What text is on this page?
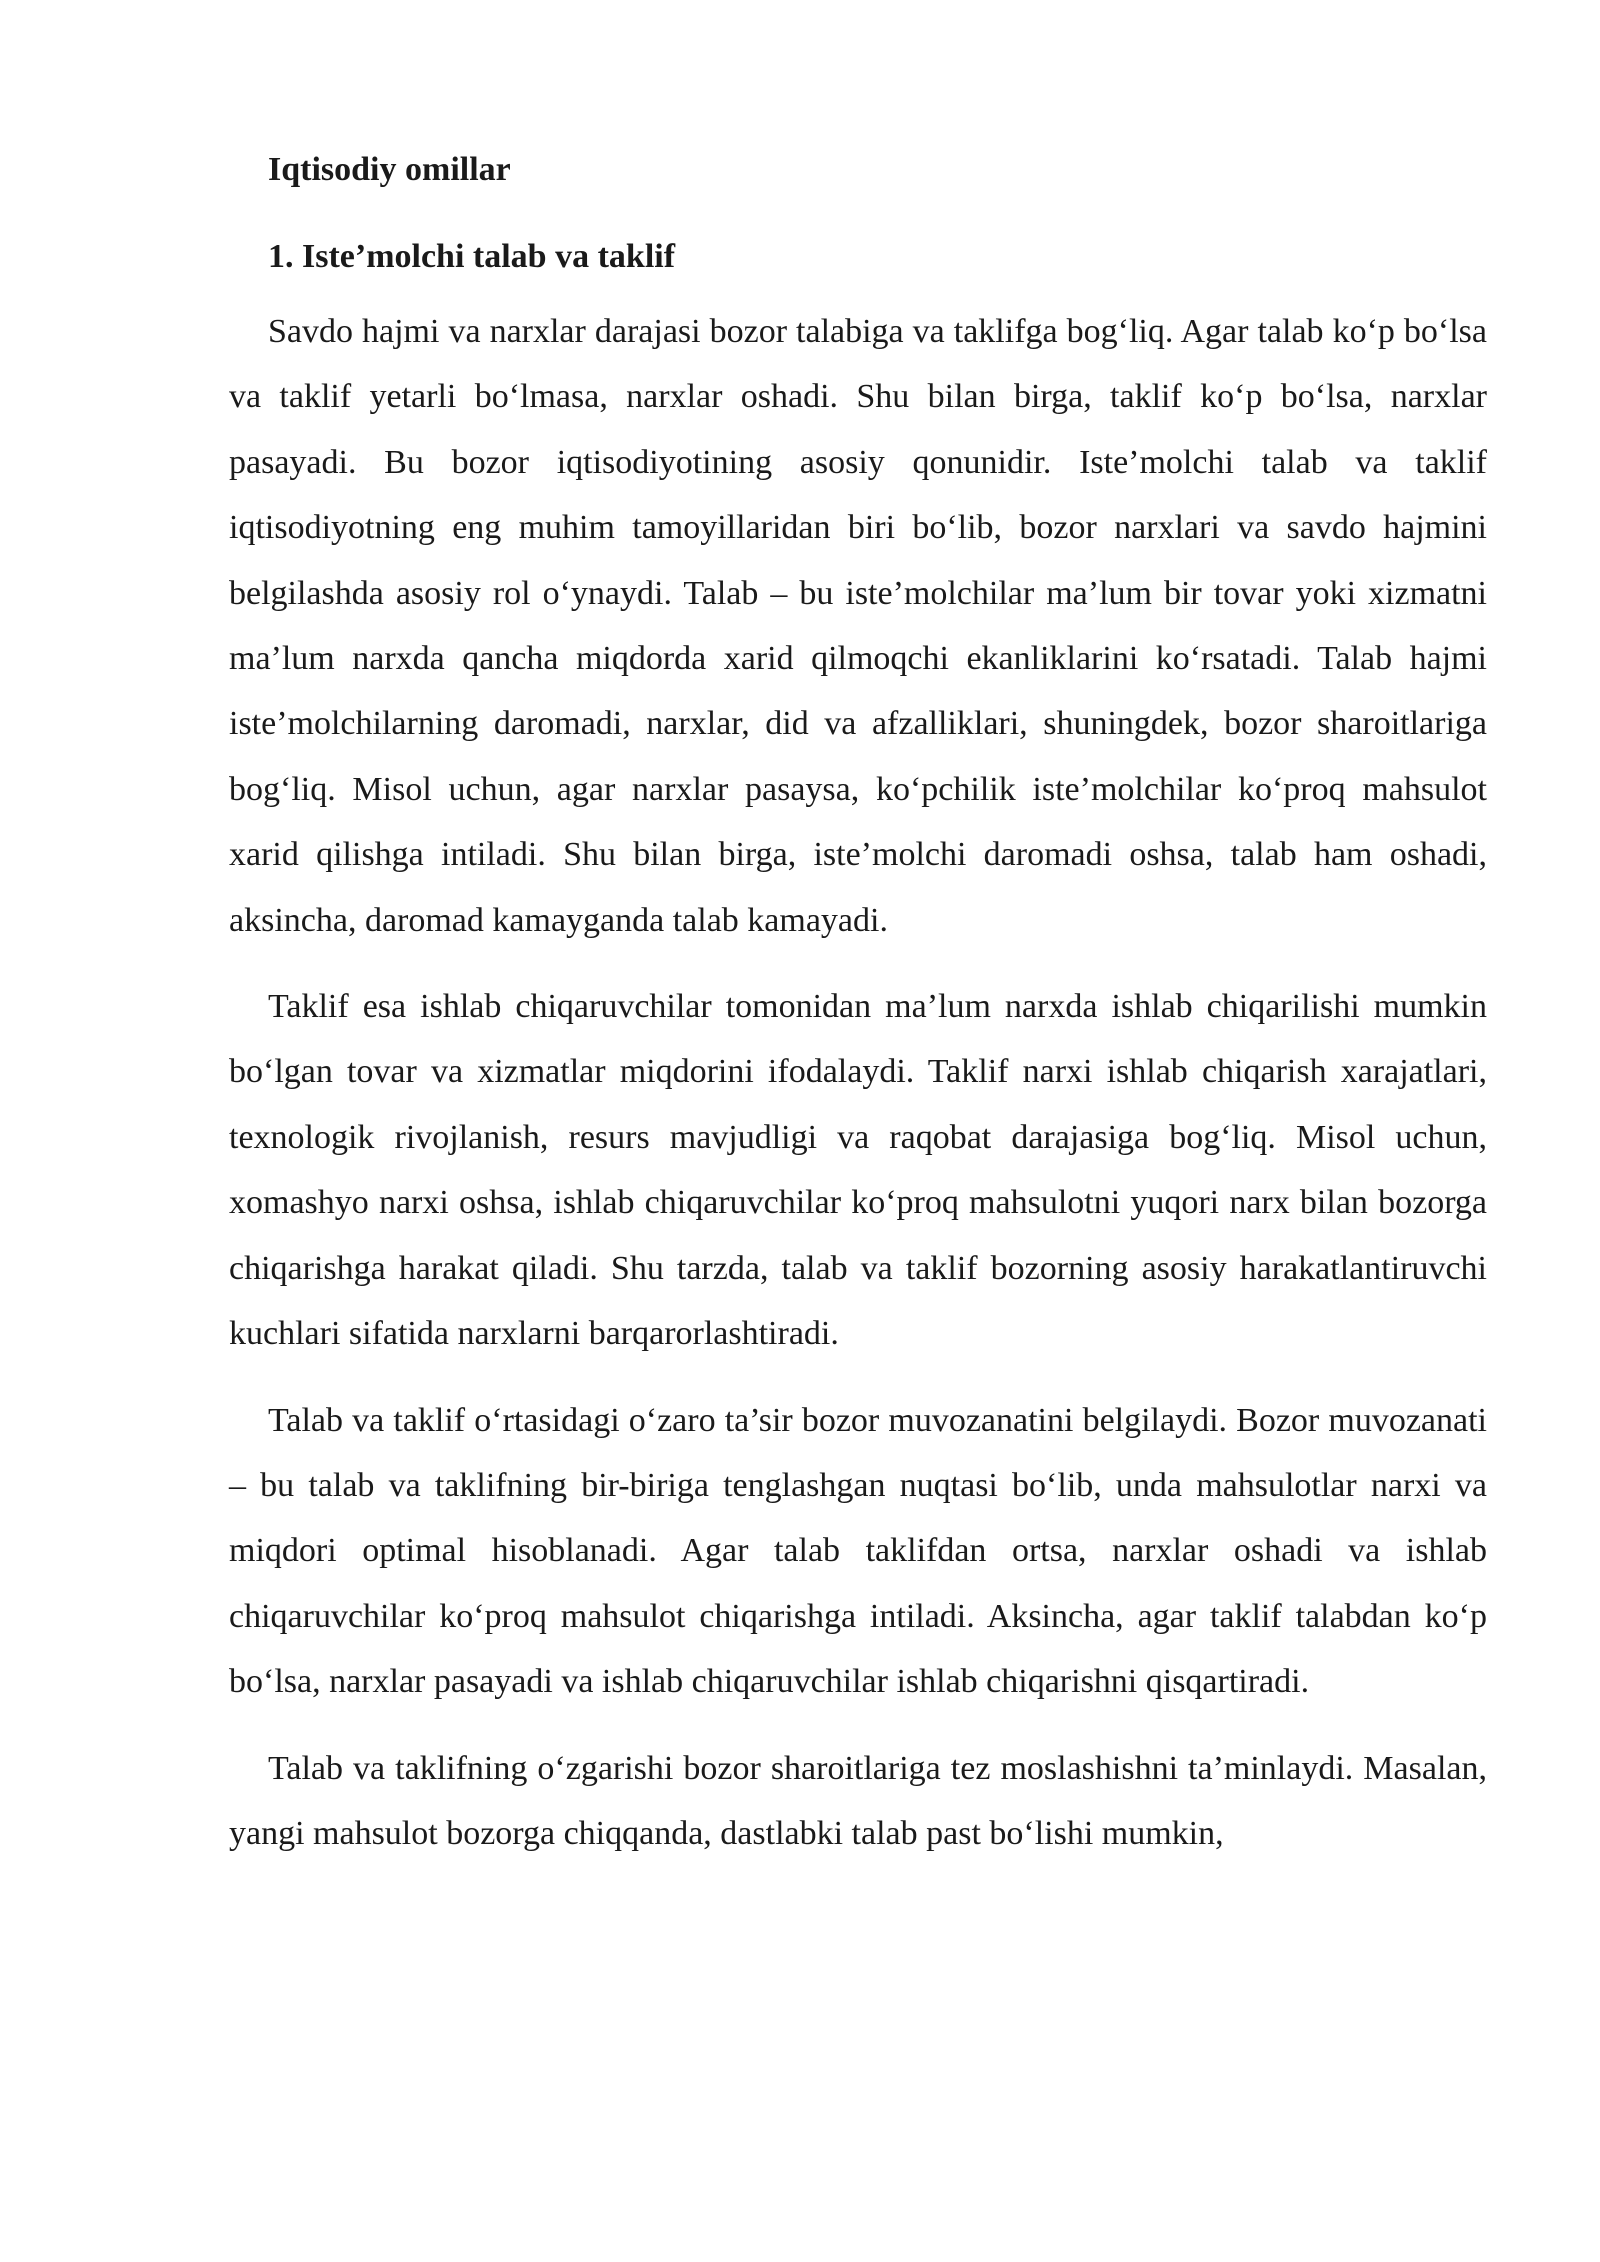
Iqtisodiy omillar
1. Iste’molchi talab va taklif

Savdo hajmi va narxlar darajasi bozor talabiga va taklifga bog‘liq. Agar talab ko‘p bo‘lsa va taklif yetarli bo‘lmasa, narxlar oshadi. Shu bilan birga, taklif ko‘p bo‘lsa, narxlar pasayadi. Bu bozor iqtisodiyotining asosiy qonunidir. Iste’molchi talab va taklif iqtisodiyotning eng muhim tamoyillaridan biri bo‘lib, bozor narxlari va savdo hajmini belgilashda asosiy rol o‘ynaydi. Talab – bu iste’molchilar ma’lum bir tovar yoki xizmatni ma’lum narxda qancha miqdorda xarid qilmoqchi ekanliklarini ko‘rsatadi. Talab hajmi iste’molchilarning daromadi, narxlar, did va afzalliklari, shuningdek, bozor sharoitlariga bog‘liq. Misol uchun, agar narxlar pasaysa, ko‘pchilik iste’molchilar ko‘proq mahsulot xarid qilishga intiladi. Shu bilan birga, iste’molchi daromadi oshsa, talab ham oshadi, aksincha, daromad kamayganda talab kamayadi.

Taklif esa ishlab chiqaruvchilar tomonidan ma’lum narxda ishlab chiqarilishi mumkin bo‘lgan tovar va xizmatlar miqdorini ifodalaydi. Taklif narxi ishlab chiqarish xarajatlari, texnologik rivojlanish, resurs mavjudligi va raqobat darajasiga bog‘liq. Misol uchun, xomashyo narxi oshsa, ishlab chiqaruvchilar ko‘proq mahsulotni yuqori narx bilan bozorga chiqarishga harakat qiladi. Shu tarzda, talab va taklif bozorning asosiy harakatlantiruvchi kuchlari sifatida narxlarni barqarorlashtiradi.

Talab va taklif o‘rtasidagi o‘zaro ta’sir bozor muvozanatini belgilaydi. Bozor muvozanati – bu talab va taklifning bir-biriga tenglashgan nuqtasi bo‘lib, unda mahsulotlar narxi va miqdori optimal hisoblanadi. Agar talab taklifdan ortsa, narxlar oshadi va ishlab chiqaruvchilar ko‘proq mahsulot chiqarishga intiladi. Aksincha, agar taklif talabdan ko‘p bo‘lsa, narxlar pasayadi va ishlab chiqaruvchilar ishlab chiqarishni qisqartiradi.

Talab va taklifning o‘zgarishi bozor sharoitlariga tez moslashishni ta’minlaydi. Masalan, yangi mahsulot bozorga chiqqanda, dastlabki talab past bo‘lishi mumkin,
